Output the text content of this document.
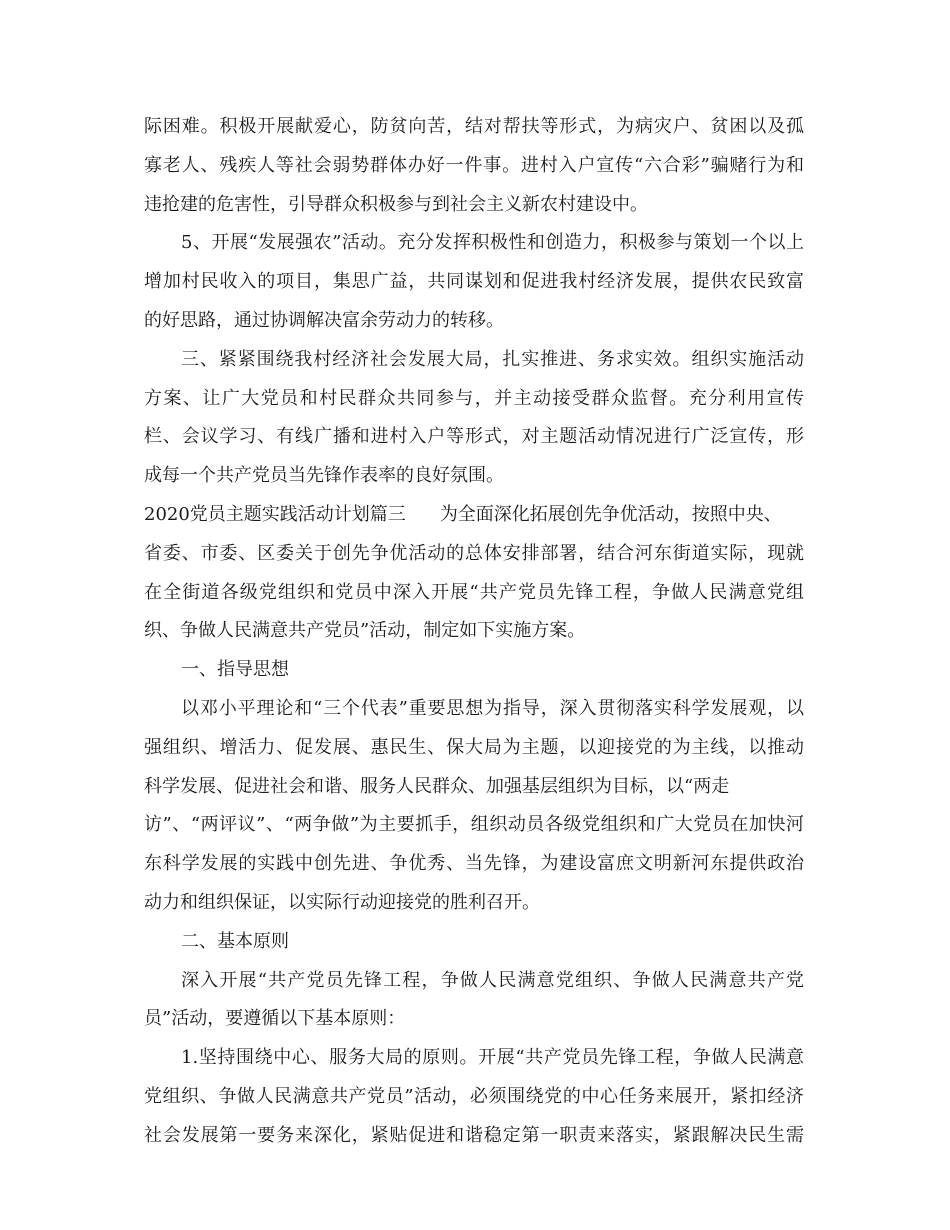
际困难。积极开展献爱心，防贫向苦，结对帮扶等形式，为病灾户、贫困以及孤
寡老人、残疾人等社会弱势群体办好一件事。进村入户宣传“六合彩”骗赌行为和
违抢建的危害性，引导群众积极参与到社会主义新农村建设中。
5、开展“发展强农”活动。充分发挥积极性和创造力，积极参与策划一个以上
增加村民收入的项目，集思广益，共同谋划和促进我村经济发展，提供农民致富
的好思路，通过协调解决富余劳动力的转移。
三、紧紧围绕我村经济社会发展大局，扎实推进、务求实效。组织实施活动
方案、让广大党员和村民群众共同参与，并主动接受群众监督。充分利用宣传
栏、会议学习、有线广播和进村入户等形式，对主题活动情况进行广泛宣传，形
成每一个共产党员当先锋作表率的良好氛围。
2020党员主题实践活动计划篇三 为全面深化拓展创先争优活动，按照中央、
省委、市委、区委关于创先争优活动的总体安排部署，结合河东街道实际，现就
在全街道各级党组织和党员中深入开展“共产党员先锋工程，争做人民满意党组
织、争做人民满意共产党员”活动，制定如下实施方案。
一、指导思想
以邓小平理论和“三个代表”重要思想为指导，深入贯彻落实科学发展观，以
强组织、增活力、促发展、惠民生、保大局为主题，以迎接党的为主线，以推动
科学发展、促进社会和谐、服务人民群众、加强基层组织为目标，以“两走
访”、“两评议”、“两争做”为主要抓手，组织动员各级党组织和广大党员在加快河
东科学发展的实践中创先进、争优秀、当先锋，为建设富庶文明新河东提供政治
动力和组织保证，以实际行动迎接党的胜利召开。
二、基本原则
深入开展“共产党员先锋工程，争做人民满意党组织、争做人民满意共产党
员”活动，要遵循以下基本原则：
1.坚持围绕中心、服务大局的原则。开展“共产党员先锋工程，争做人民满意
党组织、争做人民满意共产党员”活动，必须围绕党的中心任务来展开，紧扣经济
社会发展第一要务来深化，紧贴促进和谐稳定第一职责来落实，紧跟解决民生需
